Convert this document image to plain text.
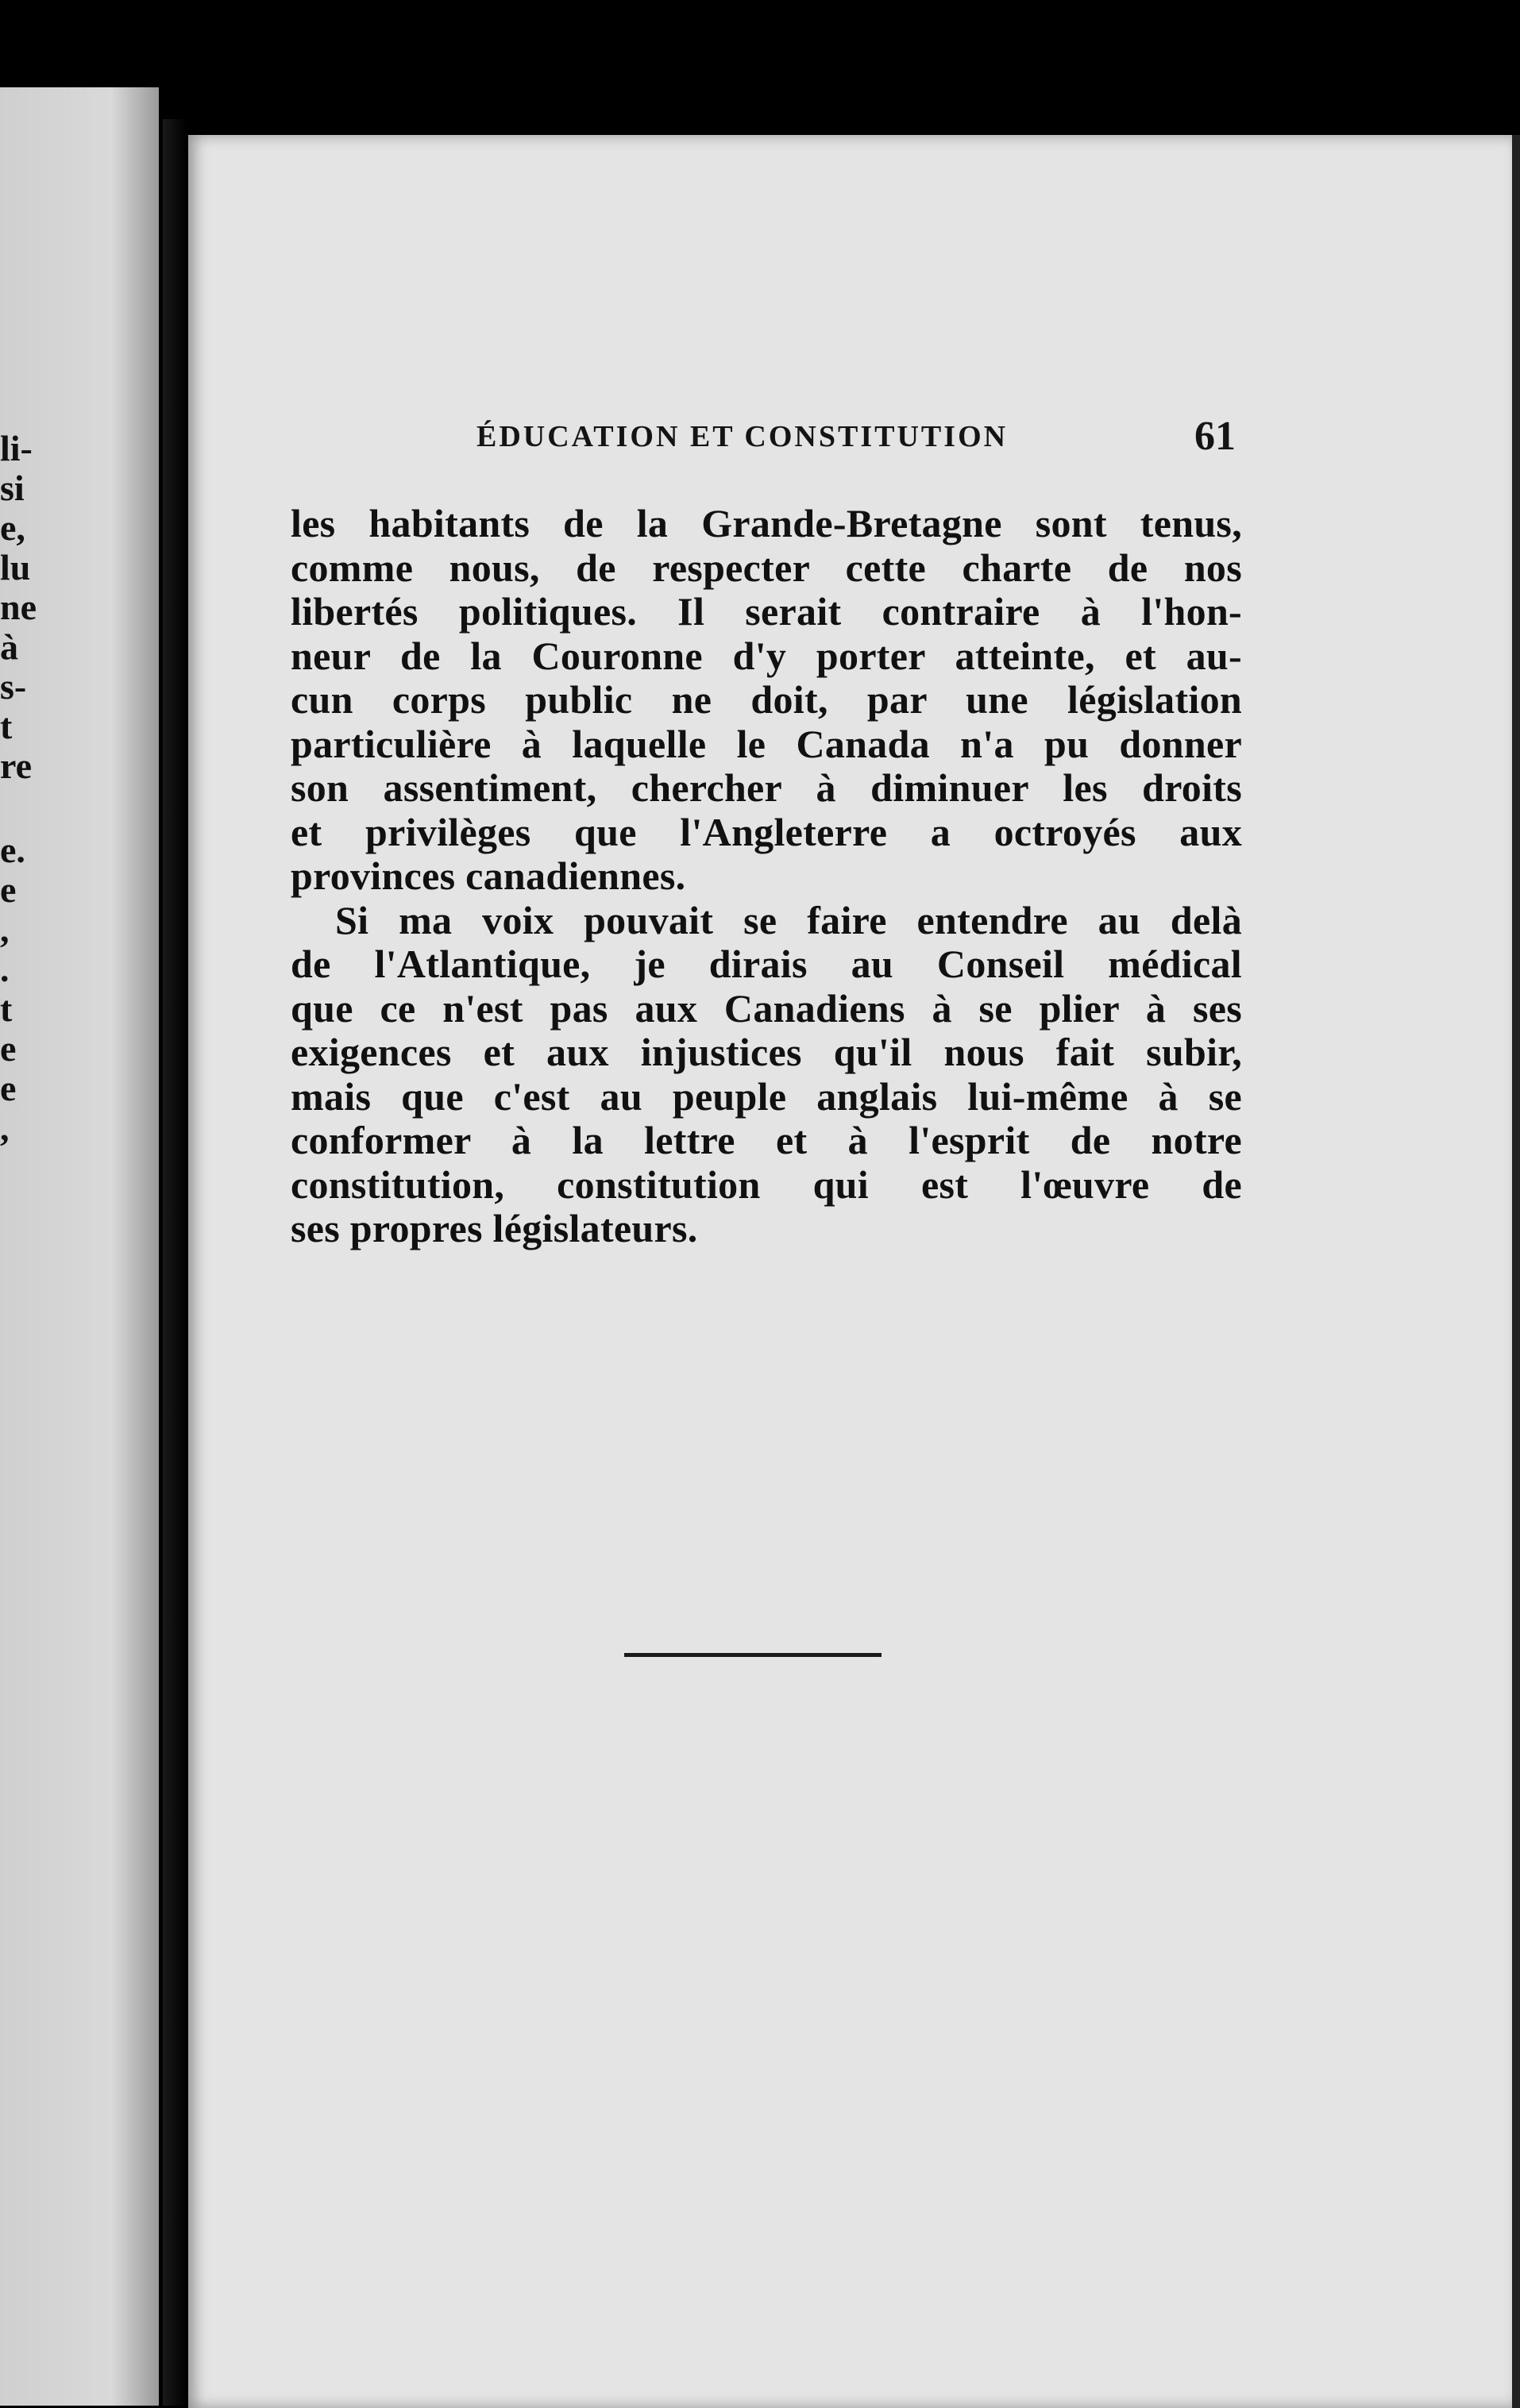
li-
si
e,
lu
ne
à
s-
t
re
e.
e
,
.
t
e
e
,
ÉDUCATION ET CONSTITUTION	61
les habitants de la Grande-Bretagne sont tenus,
comme nous, de respecter cette charte de nos
libertés politiques. Il serait contraire à l'hon-
neur de la Couronne d'y porter atteinte, et au-
cun corps public ne doit, par une législation
particulière à laquelle le Canada n'a pu donner
son assentiment, chercher à diminuer les droits
et privilèges que l'Angleterre a octroyés aux
provinces canadiennes.
Si ma voix pouvait se faire entendre au delà
de l'Atlantique, je dirais au Conseil médical
que ce n'est pas aux Canadiens à se plier à ses
exigences et aux injustices qu'il nous fait subir,
mais que c'est au peuple anglais lui-même à se
conformer à la lettre et à l'esprit de notre
constitution, constitution qui est l'œuvre de
ses propres législateurs.
